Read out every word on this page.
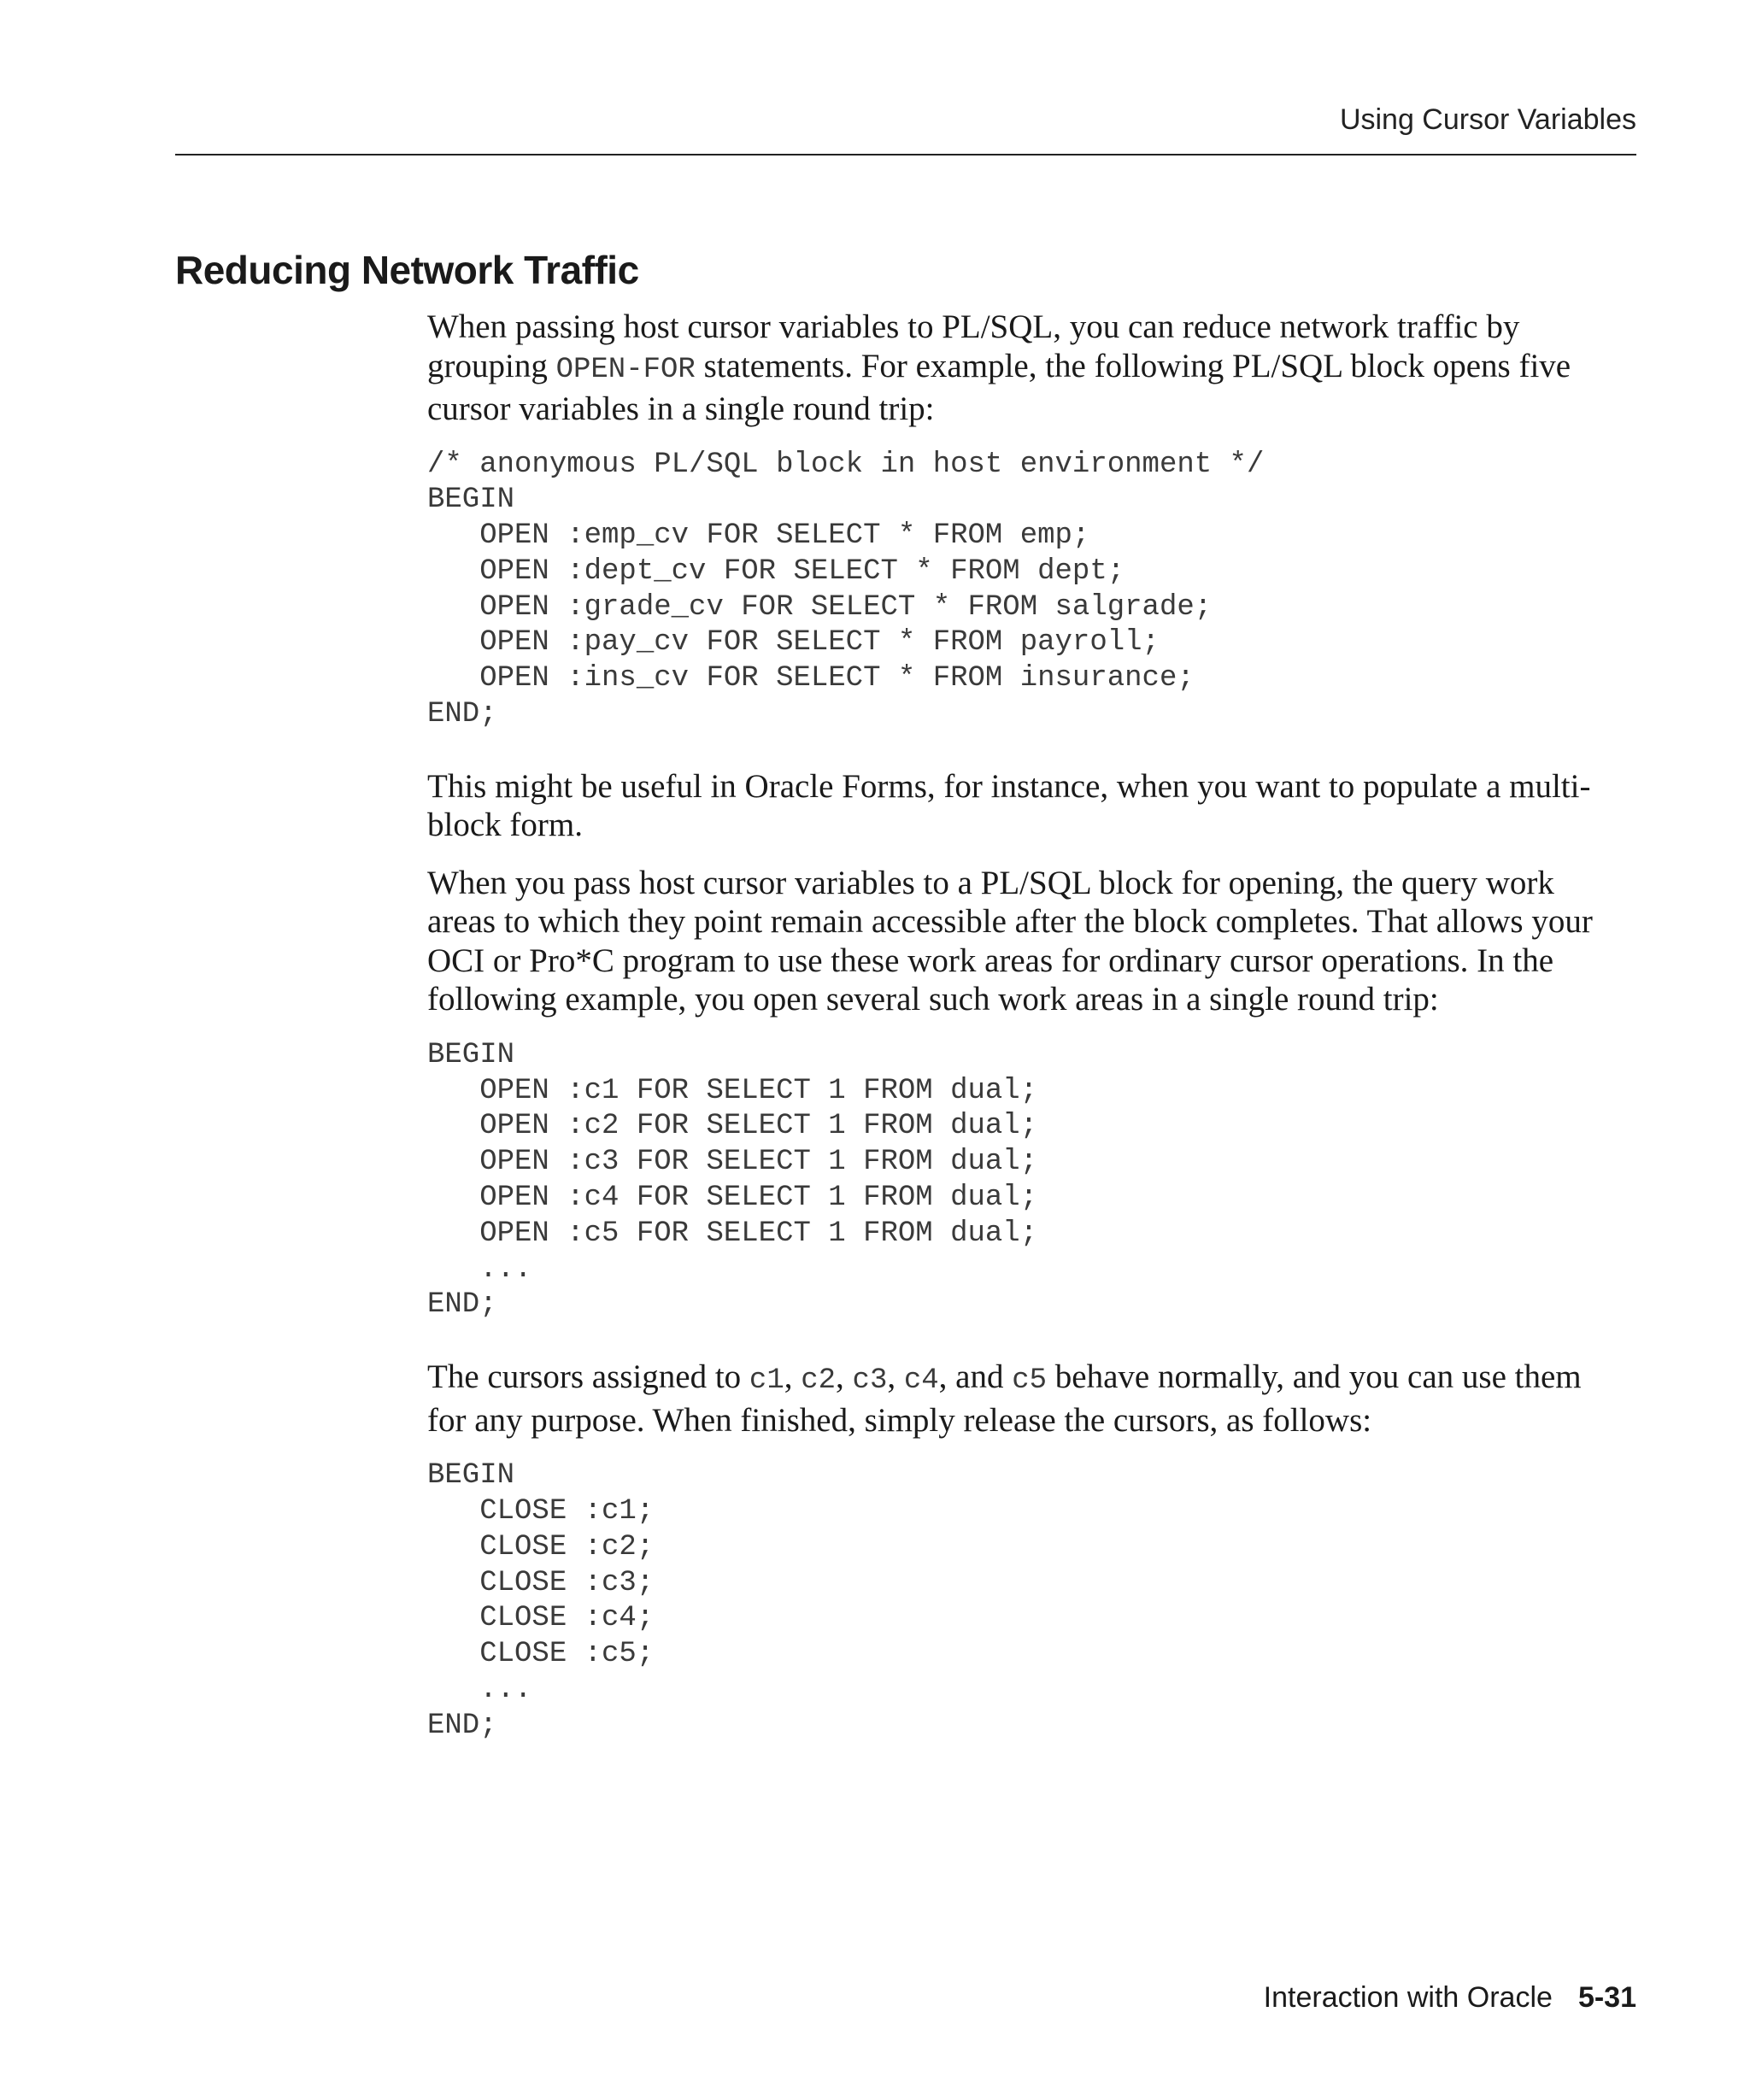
Using Cursor Variables
Reducing Network Traffic

When passing host cursor variables to PL/SQL, you can reduce network traffic by grouping OPEN-FOR statements. For example, the following PL/SQL block opens five cursor variables in a single round trip:

/* anonymous PL/SQL block in host environment */
BEGIN
OPEN :emp_cv FOR SELECT * FROM emp;
OPEN :dept_cv FOR SELECT * FROM dept;
OPEN :grade_cv FOR SELECT * FROM salgrade;
OPEN :pay_cv FOR SELECT * FROM payroll;
OPEN :ins_cv FOR SELECT * FROM insurance;
END;

This might be useful in Oracle Forms, for instance, when you want to populate a multi-block form.

When you pass host cursor variables to a PL/SQL block for opening, the query work areas to which they point remain accessible after the block completes. That allows your OCI or Pro*C program to use these work areas for ordinary cursor operations. In the following example, you open several such work areas in a single round trip:

BEGIN
OPEN :c1 FOR SELECT 1 FROM dual;
OPEN :c2 FOR SELECT 1 FROM dual;
OPEN :c3 FOR SELECT 1 FROM dual;
OPEN :c4 FOR SELECT 1 FROM dual;
OPEN :c5 FOR SELECT 1 FROM dual;
...
END;

The cursors assigned to c1, c2, c3, c4, and c5 behave normally, and you can use them for any purpose. When finished, simply release the cursors, as follows:

BEGIN
CLOSE :c1;
CLOSE :c2;
CLOSE :c3;
CLOSE :c4;
CLOSE :c5;
...
END;
Interaction with Oracle 5-31
